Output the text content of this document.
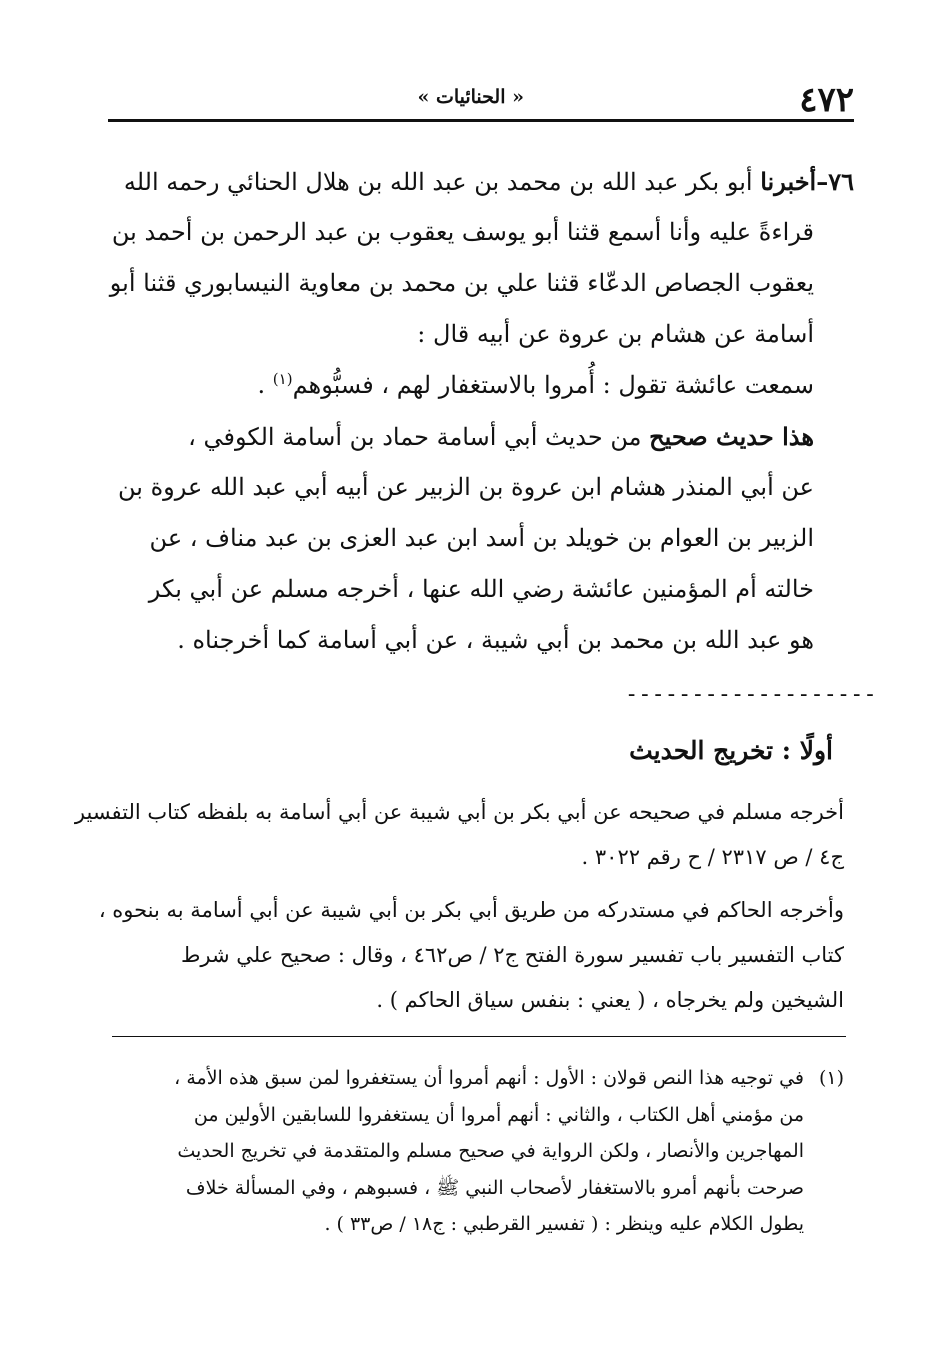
٤٧٢
« الحنائيات »
٧٦–أخبرنا أبو بكر عبد الله بن محمد بن عبد الله بن هلال الحنائي رحمه الله
قراءةً عليه وأنا أسمع قثنا أبو يوسف يعقوب بن عبد الرحمن بن أحمد بن
يعقوب الجصاص الدعّاء قثنا علي بن محمد بن معاوية النيسابوري قثنا أبو
أسامة عن هشام بن عروة عن أبيه قال :
سمعت عائشة تقول : أُمروا بالاستغفار لهم ، فسبُّوهم$^{(١)}$ .
هذا حديث صحيح من حديث أبي أسامة حماد بن أسامة الكوفي ،
عن أبي المنذر هشام ابن عروة بن الزبير عن أبيه أبي عبد الله عروة بن
الزبير بن العوام بن خويلد بن أسد ابن عبد العزى بن عبد مناف ، عن
خالته أم المؤمنين عائشة رضي الله عنها ، أخرجه مسلم عن أبي بكر
هو عبد الله بن محمد بن أبي شيبة ، عن أبي أسامة كما أخرجناه .
-------------------
أولًا : تخريج الحديث
أخرجه مسلم في صحيحه عن أبي بكر بن أبي شيبة عن أبي أسامة به بلفظه كتاب التفسير
ج٤ / ص ٢٣١٧ / ح رقم ٣٠٢٢ .
وأخرجه الحاكم في مستدركه من طريق أبي بكر بن أبي شيبة عن أبي أسامة به بنحوه ،
كتاب التفسير باب تفسير سورة الفتح ج٢ / ص٤٦٢ ، وقال : صحيح علي شرط
الشيخين ولم يخرجاه ، ( يعني : بنفس سياق الحاكم ) .
(١)في توجيه هذا النص قولان : الأول : أنهم أمروا أن يستغفروا لمن سبق هذه الأمة ،
من مؤمني أهل الكتاب ، والثاني : أنهم أمروا أن يستغفروا للسابقين الأولين من
المهاجرين والأنصار ، ولكن الرواية في صحيح مسلم والمتقدمة في تخريج الحديث
صرحت بأنهم أمرو بالاستغفار لأصحاب النبي ﷺ ، فسبوهم ، وفي المسألة خلاف
يطول الكلام عليه وينظر : ( تفسير القرطبي : ج١٨ / ص٣٣ ) .
